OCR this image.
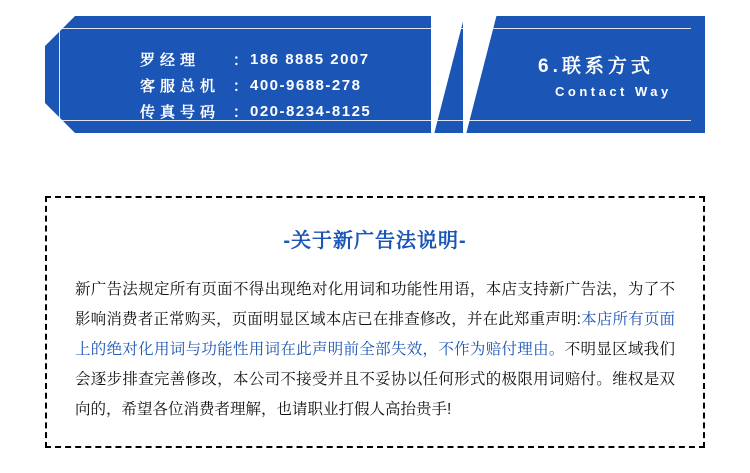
罗经理	： 186 8885 2007
客服总机 ： 400-9688-278
传真号码 ： 020-8234-8125
6.联系方式
Contact Way
-关于新广告法说明-
新广告法规定所有页面不得出现绝对化用词和功能性用语，本店支持新广告法，为了不影响消费者正常购买，页面明显区域本店已在排查修改，并在此郑重声明:本店所有页面上的绝对化用词与功能性用词在此声明前全部失效，不作为赔付理由。不明显区域我们会逐步排查完善修改，本公司不接受并且不妥协以任何形式的极限用词赔付。维权是双向的，希望各位消费者理解，也请职业打假人高抬贵手!
